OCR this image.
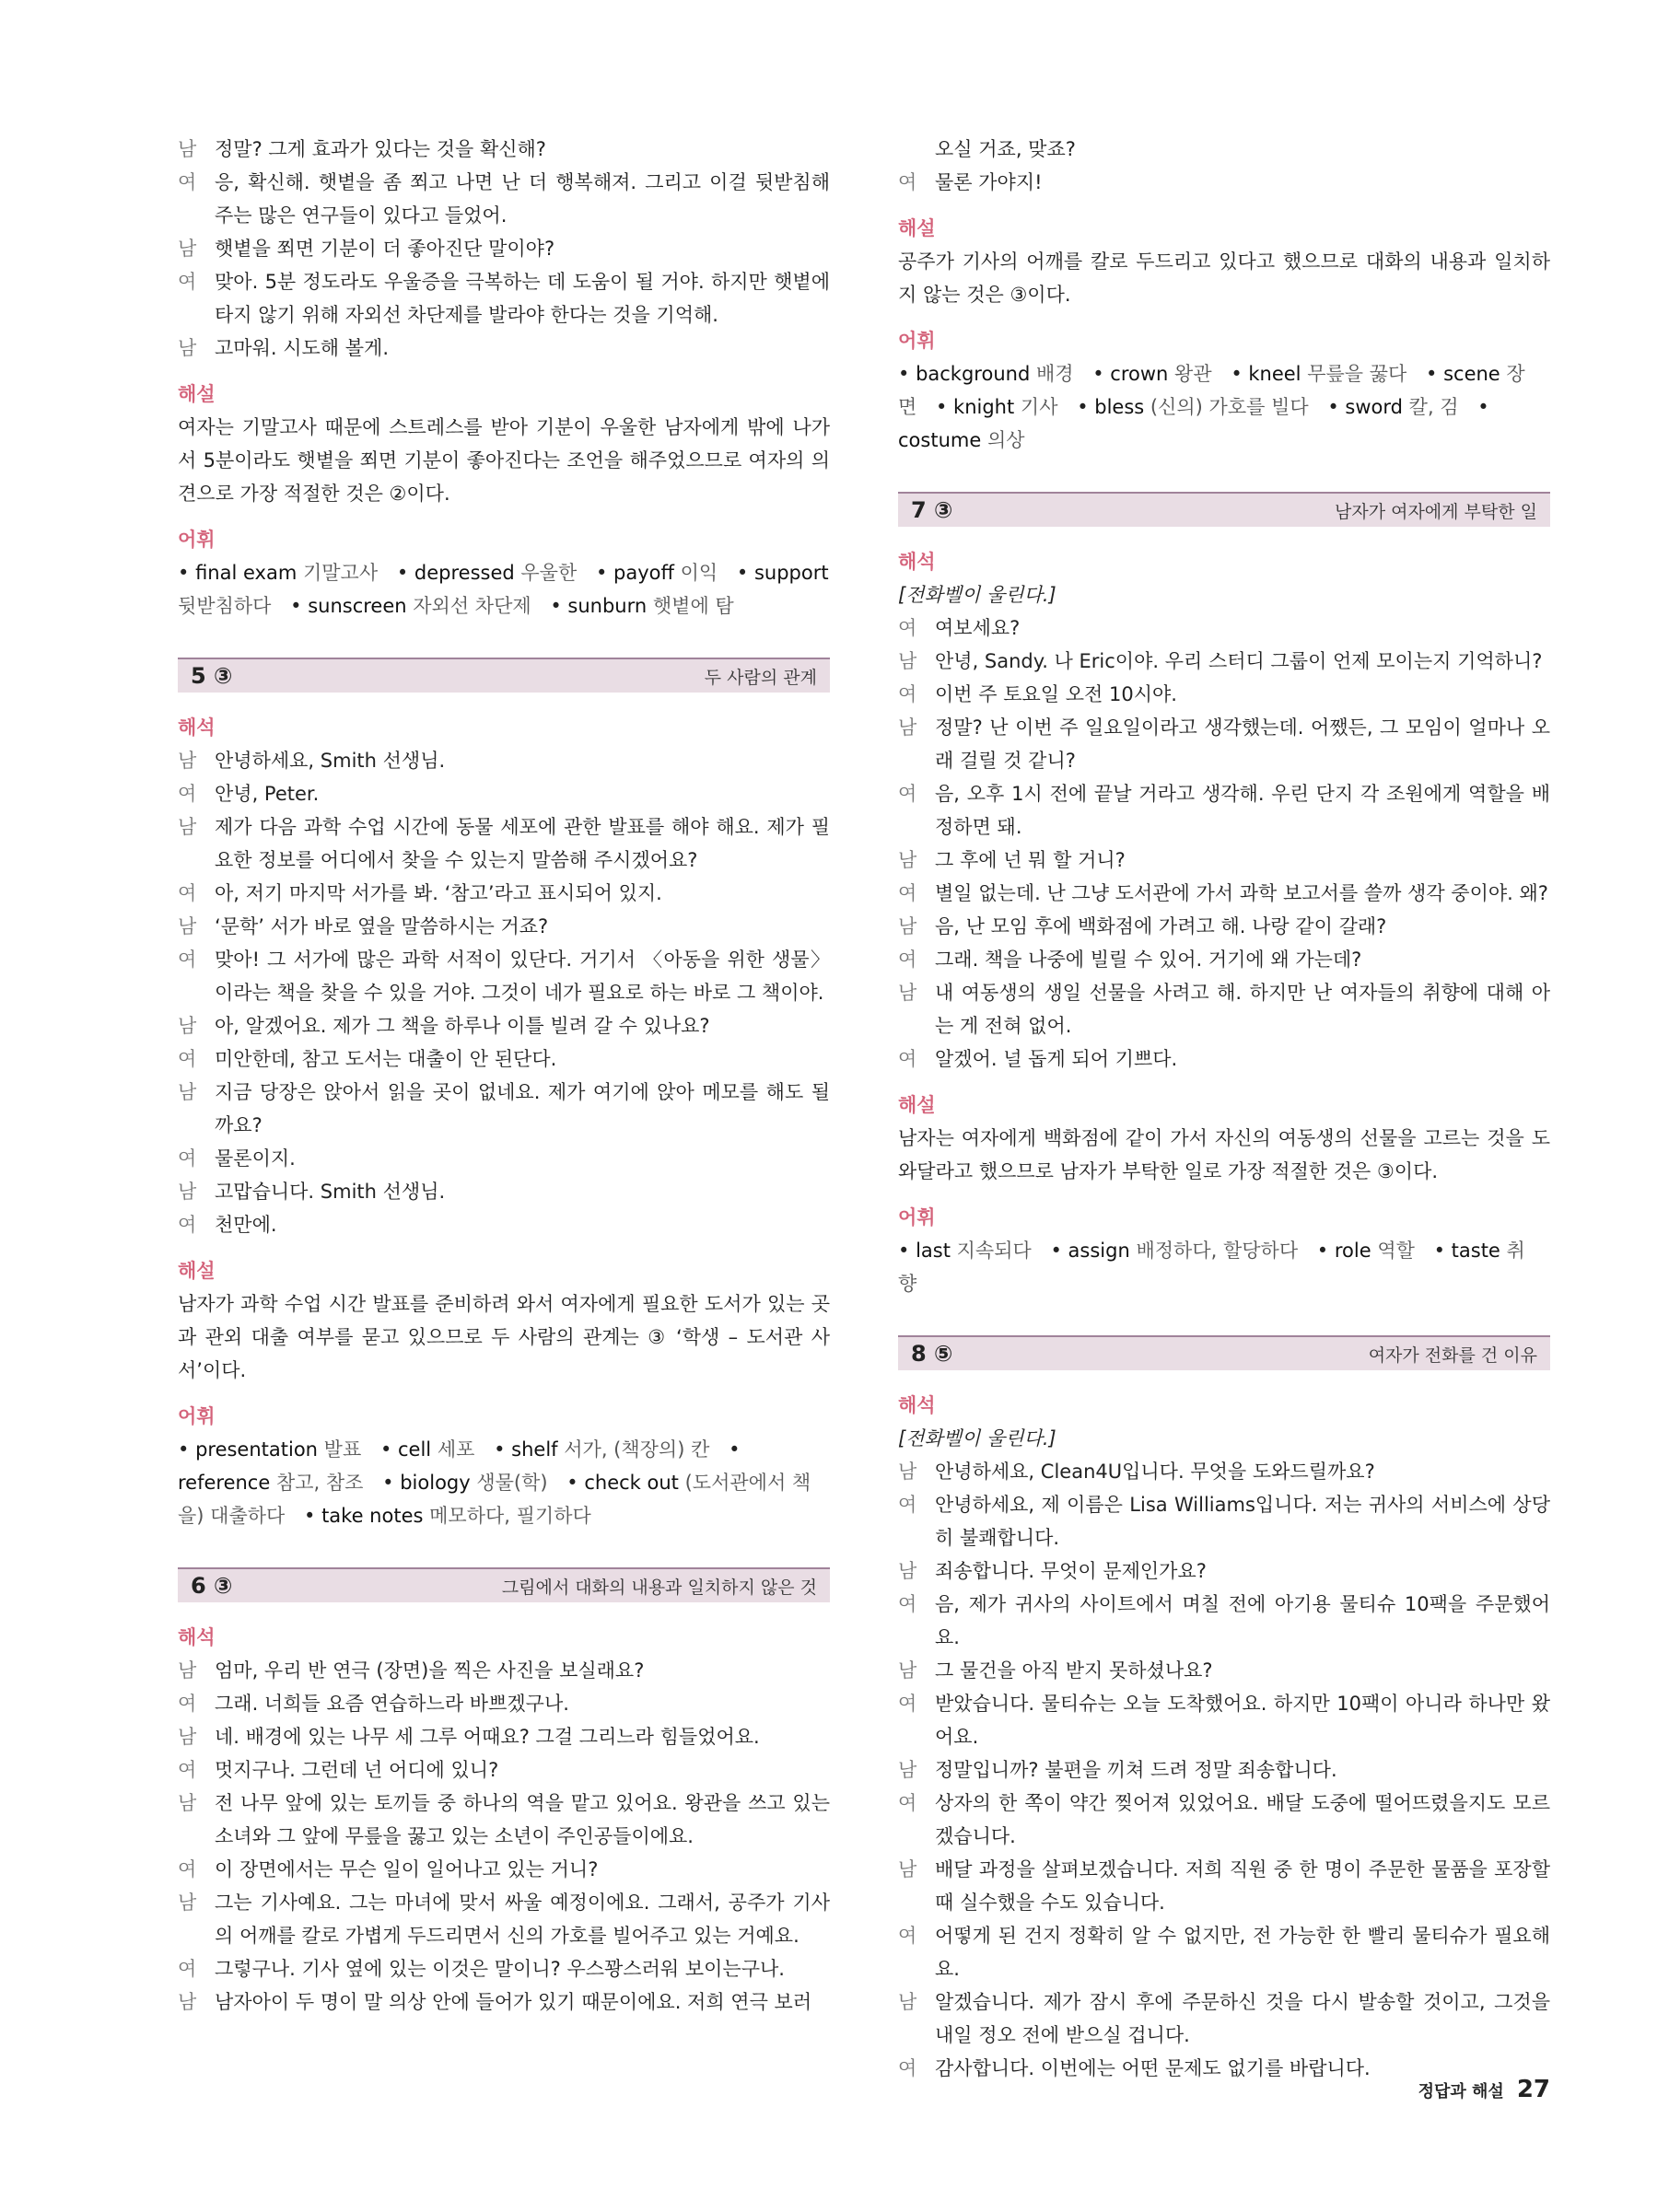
남 정말? 그게 효과가 있다는 것을 확신해?
여 응, 확신해. 햇볕을 좀 쬐고 나면 난 더 행복해져. 그리고 이걸 뒷받침해 주는 많은 연구들이 있다고 들었어.
남 햇볕을 쬐면 기분이 더 좋아진단 말이야?
여 맞아. 5분 정도라도 우울증을 극복하는 데 도움이 될 거야. 하지만 햇볕에 타지 않기 위해 자외선 차단제를 발라야 한다는 것을 기억해.
남 고마워. 시도해 볼게.
해설
여자는 기말고사 때문에 스트레스를 받아 기분이 우울한 남자에게 밖에 나가서 5분이라도 햇볕을 쬐면 기분이 좋아진다는 조언을 해주었으므로 여자의 의견으로 가장 적절한 것은 ②이다.
어휘
• final exam 기말고사 • depressed 우울한 • payoff 이익 • support 뒷받침하다 • sunscreen 자외선 차단제 • sunburn 햇볕에 탐
5 ③	두 사람의 관계
해석
남 안녕하세요, Smith 선생님.
여 안녕, Peter.
남 제가 다음 과학 수업 시간에 동물 세포에 관한 발표를 해야 해요. 제가 필요한 정보를 어디에서 찾을 수 있는지 말씀해 주시겠어요?
여 아, 저기 마지막 서가를 봐. ‘참고’라고 표시되어 있지.
남 ‘문학’ 서가 바로 옆을 말씀하시는 거죠?
여 맞아! 그 서가에 많은 과학 서적이 있단다. 거기서 〈아동을 위한 생물〉이라는 책을 찾을 수 있을 거야. 그것이 네가 필요로 하는 바로 그 책이야.
남 아, 알겠어요. 제가 그 책을 하루나 이틀 빌려 갈 수 있나요?
여 미안한데, 참고 도서는 대출이 안 된단다.
남 지금 당장은 앉아서 읽을 곳이 없네요. 제가 여기에 앉아 메모를 해도 될까요?
여 물론이지.
남 고맙습니다. Smith 선생님.
여 천만에.
해설
남자가 과학 수업 시간 발표를 준비하려 와서 여자에게 필요한 도서가 있는 곳과 관외 대출 여부를 묻고 있으므로 두 사람의 관계는 ③ ‘학생 – 도서관 사서’이다.
어휘
• presentation 발표 • cell 세포 • shelf 서가, (책장의) 칸 • reference 참고, 참조 • biology 생물(학) • check out (도서관에서 책을) 대출하다 • take notes 메모하다, 필기하다
6 ③	그림에서 대화의 내용과 일치하지 않은 것
해석
남 엄마, 우리 반 연극 (장면)을 찍은 사진을 보실래요?
여 그래. 너희들 요즘 연습하느라 바쁘겠구나.
남 네. 배경에 있는 나무 세 그루 어때요? 그걸 그리느라 힘들었어요.
여 멋지구나. 그런데 넌 어디에 있니?
남 전 나무 앞에 있는 토끼들 중 하나의 역을 맡고 있어요. 왕관을 쓰고 있는 소녀와 그 앞에 무릎을 꿇고 있는 소년이 주인공들이에요.
여 이 장면에서는 무슨 일이 일어나고 있는 거니?
남 그는 기사예요. 그는 마녀에 맞서 싸울 예정이에요. 그래서, 공주가 기사의 어깨를 칼로 가볍게 두드리면서 신의 가호를 빌어주고 있는 거예요.
여 그렇구나. 기사 옆에 있는 이것은 말이니? 우스꽝스러워 보이는구나.
남 남자아이 두 명이 말 의상 안에 들어가 있기 때문이에요. 저희 연극 보러
오실 거죠, 맞죠?
여 물론 가야지!
해설
공주가 기사의 어깨를 칼로 두드리고 있다고 했으므로 대화의 내용과 일치하지 않는 것은 ③이다.
어휘
• background 배경 • crown 왕관 • kneel 무릎을 꿇다 • scene 장면 • knight 기사 • bless (신의) 가호를 빌다 • sword 칼, 검 • costume 의상
7 ③	남자가 여자에게 부탁한 일
해석
[전화벨이 울린다.]
여 여보세요?
남 안녕, Sandy. 나 Eric이야. 우리 스터디 그룹이 언제 모이는지 기억하니?
여 이번 주 토요일 오전 10시야.
남 정말? 난 이번 주 일요일이라고 생각했는데. 어쨌든, 그 모임이 얼마나 오래 걸릴 것 같니?
여 음, 오후 1시 전에 끝날 거라고 생각해. 우린 단지 각 조원에게 역할을 배정하면 돼.
남 그 후에 넌 뭐 할 거니?
여 별일 없는데. 난 그냥 도서관에 가서 과학 보고서를 쓸까 생각 중이야. 왜?
남 음, 난 모임 후에 백화점에 가려고 해. 나랑 같이 갈래?
여 그래. 책을 나중에 빌릴 수 있어. 거기에 왜 가는데?
남 내 여동생의 생일 선물을 사려고 해. 하지만 난 여자들의 취향에 대해 아는 게 전혀 없어.
여 알겠어. 널 돕게 되어 기쁘다.
해설
남자는 여자에게 백화점에 같이 가서 자신의 여동생의 선물을 고르는 것을 도와달라고 했으므로 남자가 부탁한 일로 가장 적절한 것은 ③이다.
어휘
• last 지속되다 • assign 배정하다, 할당하다 • role 역할 • taste 취향
8 ⑤	여자가 전화를 건 이유
해석
[전화벨이 울린다.]
남 안녕하세요, Clean4U입니다. 무엇을 도와드릴까요?
여 안녕하세요, 제 이름은 Lisa Williams입니다. 저는 귀사의 서비스에 상당히 불쾌합니다.
남 죄송합니다. 무엇이 문제인가요?
여 음, 제가 귀사의 사이트에서 며칠 전에 아기용 물티슈 10팩을 주문했어요.
남 그 물건을 아직 받지 못하셨나요?
여 받았습니다. 물티슈는 오늘 도착했어요. 하지만 10팩이 아니라 하나만 왔어요.
남 정말입니까? 불편을 끼쳐 드려 정말 죄송합니다.
여 상자의 한 쪽이 약간 찢어져 있었어요. 배달 도중에 떨어뜨렸을지도 모르겠습니다.
남 배달 과정을 살펴보겠습니다. 저희 직원 중 한 명이 주문한 물품을 포장할 때 실수했을 수도 있습니다.
여 어떻게 된 건지 정확히 알 수 없지만, 전 가능한 한 빨리 물티슈가 필요해요.
남 알겠습니다. 제가 잠시 후에 주문하신 것을 다시 발송할 것이고, 그것을 내일 정오 전에 받으실 겁니다.
여 감사합니다. 이번에는 어떤 문제도 없기를 바랍니다.
정답과 해설 27
